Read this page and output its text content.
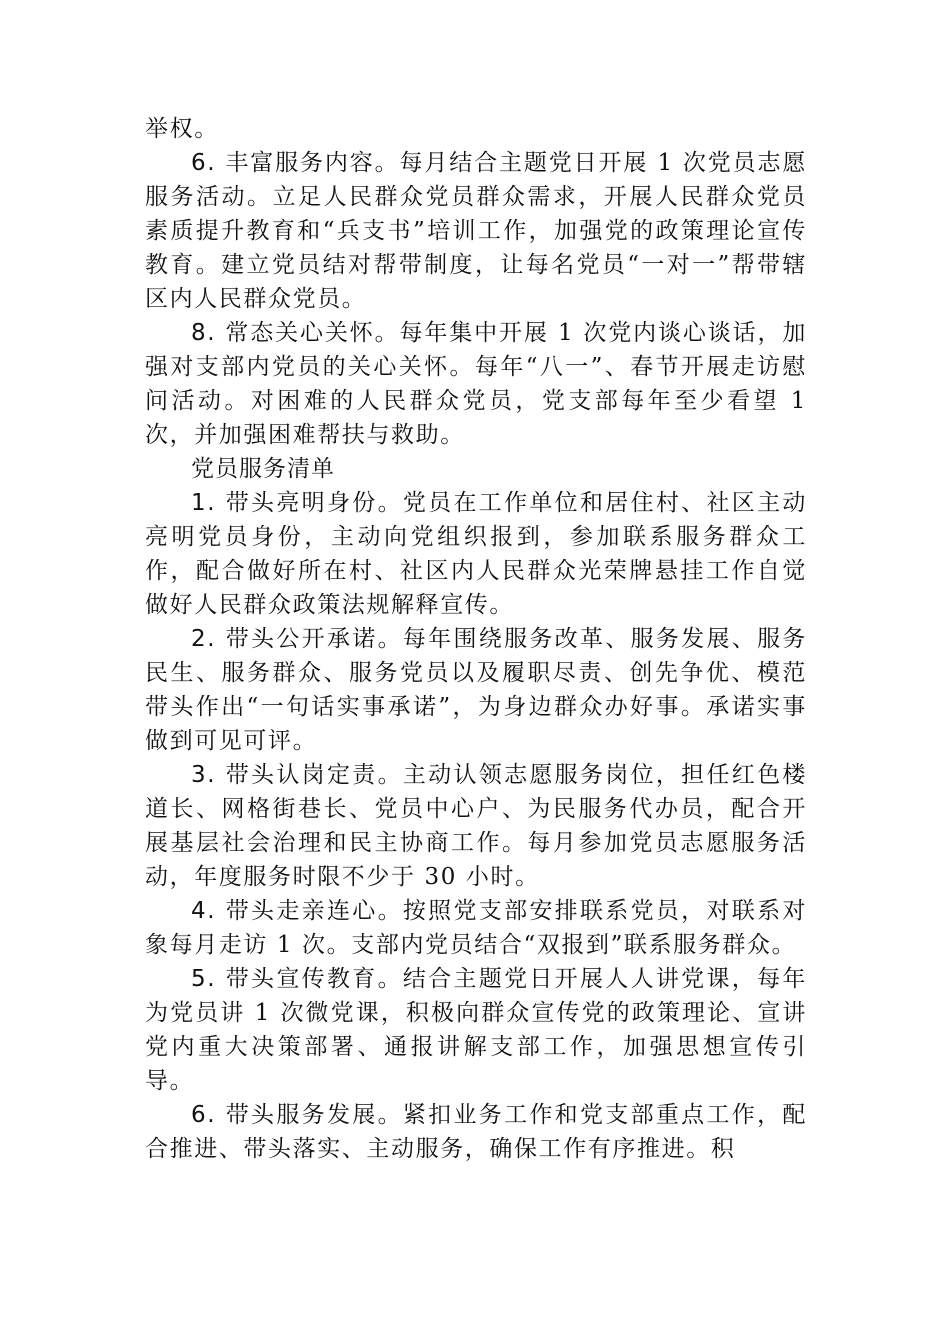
举权。

6. 丰富服务内容。每月结合主题党日开展 1 次党员志愿服务活动。立足人民群众党员群众需求，开展人民群众党员素质提升教育和“兵支书”培训工作，加强党的政策理论宣传教育。建立党员结对帮带制度，让每名党员“一对一”帮带辖区内人民群众党员。

8. 常态关心关怀。每年集中开展 1 次党内谈心谈话，加强对支部内党员的关心关怀。每年“八一”、春节开展走访慰问活动。对困难的人民群众党员，党支部每年至少看望 1 次，并加强困难帮扶与救助。

党员服务清单

1. 带头亮明身份。党员在工作单位和居住村、社区主动亮明党员身份，主动向党组织报到，参加联系服务群众工作，配合做好所在村、社区内人民群众光荣牌悬挂工作自觉做好人民群众政策法规解释宣传。

2. 带头公开承诺。每年围绕服务改革、服务发展、服务民生、服务群众、服务党员以及履职尽责、创先争优、模范带头作出“一句话实事承诺”，为身边群众办好事。承诺实事做到可见可评。

3. 带头认岗定责。主动认领志愿服务岗位，担任红色楼道长、网格街巷长、党员中心户、为民服务代办员，配合开展基层社会治理和民主协商工作。每月参加党员志愿服务活动，年度服务时限不少于 30 小时。

4. 带头走亲连心。按照党支部安排联系党员，对联系对象每月走访 1 次。支部内党员结合“双报到”联系服务群众。

5. 带头宣传教育。结合主题党日开展人人讲党课，每年为党员讲 1 次微党课，积极向群众宣传党的政策理论、宣讲党内重大决策部署、通报讲解支部工作，加强思想宣传引导。

6. 带头服务发展。紧扣业务工作和党支部重点工作，配合推进、带头落实、主动服务，确保工作有序推进。积
